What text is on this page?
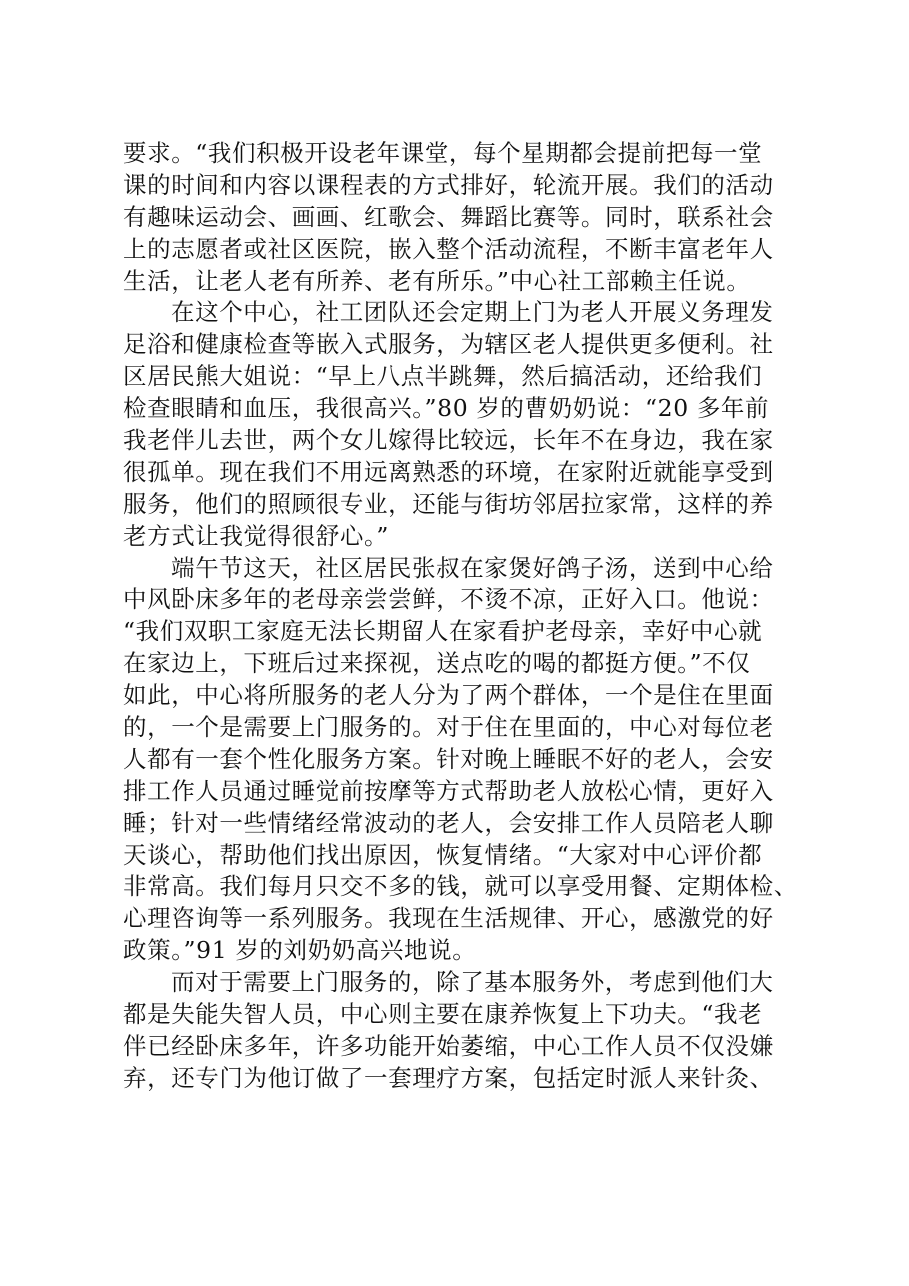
要求。“我们积极开设老年课堂，每个星期都会提前把每一堂
课的时间和内容以课程表的方式排好，轮流开展。我们的活动
有趣味运动会、画画、红歌会、舞蹈比赛等。同时，联系社会
上的志愿者或社区医院，嵌入整个活动流程，不断丰富老年人
生活，让老人老有所养、老有所乐。”中心社工部赖主任说。
在这个中心，社工团队还会定期上门为老人开展义务理发
足浴和健康检查等嵌入式服务，为辖区老人提供更多便利。社
区居民熊大姐说：“早上八点半跳舞，然后搞活动，还给我们
检查眼睛和血压，我很高兴。”80 岁的曹奶奶说：“20 多年前
我老伴儿去世，两个女儿嫁得比较远，长年不在身边，我在家
很孤单。现在我们不用远离熟悉的环境，在家附近就能享受到
服务，他们的照顾很专业，还能与街坊邻居拉家常，这样的养
老方式让我觉得很舒心。”
端午节这天，社区居民张叔在家煲好鸽子汤，送到中心给
中风卧床多年的老母亲尝尝鲜，不烫不凉，正好入口。他说：
“我们双职工家庭无法长期留人在家看护老母亲，幸好中心就
在家边上，下班后过来探视，送点吃的喝的都挺方便。”不仅
如此，中心将所服务的老人分为了两个群体，一个是住在里面
的，一个是需要上门服务的。对于住在里面的，中心对每位老
人都有一套个性化服务方案。针对晚上睡眠不好的老人，会安
排工作人员通过睡觉前按摩等方式帮助老人放松心情，更好入
睡；针对一些情绪经常波动的老人，会安排工作人员陪老人聊
天谈心，帮助他们找出原因，恢复情绪。“大家对中心评价都
非常高。我们每月只交不多的钱，就可以享受用餐、定期体检、
心理咨询等一系列服务。我现在生活规律、开心，感激党的好
政策。”91 岁的刘奶奶高兴地说。
而对于需要上门服务的，除了基本服务外，考虑到他们大
都是失能失智人员，中心则主要在康养恢复上下功夫。“我老
伴已经卧床多年，许多功能开始萎缩，中心工作人员不仅没嫌
弃，还专门为他订做了一套理疗方案，包括定时派人来针灸、
